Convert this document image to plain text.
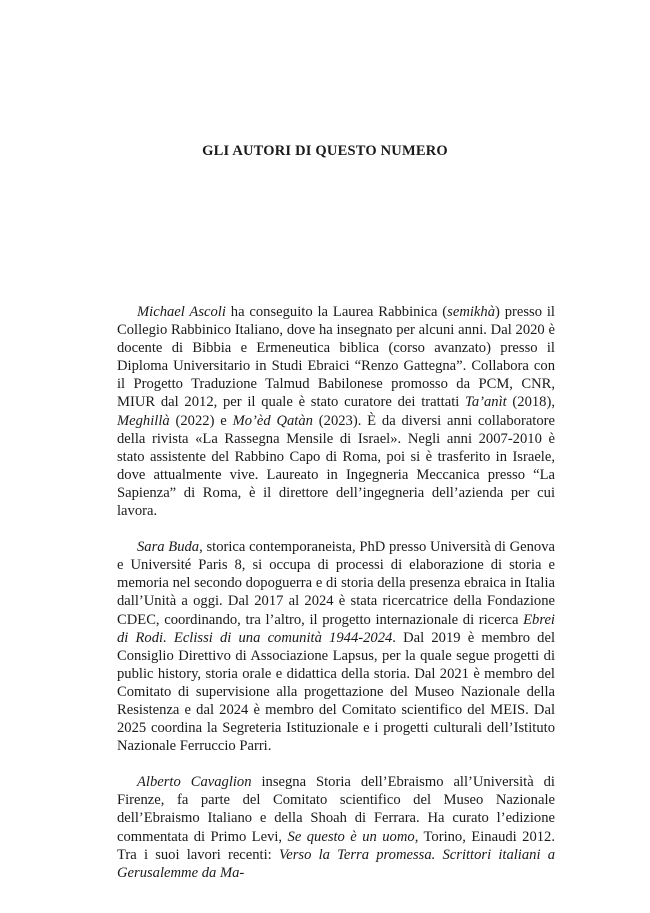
GLI AUTORI DI QUESTO NUMERO

Michael Ascoli ha conseguito la Laurea Rabbinica (semikhà) presso il Collegio Rabbinico Italiano, dove ha insegnato per alcuni anni. Dal 2020 è docente di Bibbia e Ermeneutica biblica (corso avanzato) presso il Diploma Universitario in Studi Ebraici “Renzo Gattegna”. Collabora con il Progetto Traduzione Talmud Babilonese promosso da PCM, CNR, MIUR dal 2012, per il quale è stato curatore dei trattati Ta’anìt (2018), Meghillà (2022) e Mo’èd Qatàn (2023). È da diversi anni collaboratore della rivista «La Rassegna Mensile di Israel». Negli anni 2007-2010 è stato assistente del Rabbino Capo di Roma, poi si è trasferito in Israele, dove attualmente vive. Laureato in Ingegneria Meccanica presso “La Sapienza” di Roma, è il direttore dell’ingegneria dell’azienda per cui lavora.

Sara Buda, storica contemporaneista, PhD presso Università di Genova e Université Paris 8, si occupa di processi di elaborazione di storia e memoria nel secondo dopoguerra e di storia della presenza ebraica in Italia dall’Unità a oggi. Dal 2017 al 2024 è stata ricercatrice della Fondazione CDEC, coordinando, tra l’altro, il progetto internazionale di ricerca Ebrei di Rodi. Eclissi di una comunità 1944-2024. Dal 2019 è membro del Consiglio Direttivo di Associazione Lapsus, per la quale segue progetti di public history, storia orale e didattica della storia. Dal 2021 è membro del Comitato di supervisione alla progettazione del Museo Nazionale della Resistenza e dal 2024 è membro del Comitato scientifico del MEIS. Dal 2025 coordina la Segreteria Istituzionale e i progetti culturali dell’Istituto Nazionale Ferruccio Parri.

Alberto Cavaglion insegna Storia dell’Ebraismo all’Università di Firenze, fa parte del Comitato scientifico del Museo Nazionale dell’Ebraismo Italiano e della Shoah di Ferrara. Ha curato l’edizione commentata di Primo Levi, Se questo è un uomo, Torino, Einaudi 2012. Tra i suoi lavori recenti: Verso la Terra promessa. Scrittori italiani a Gerusalemme da Ma-
